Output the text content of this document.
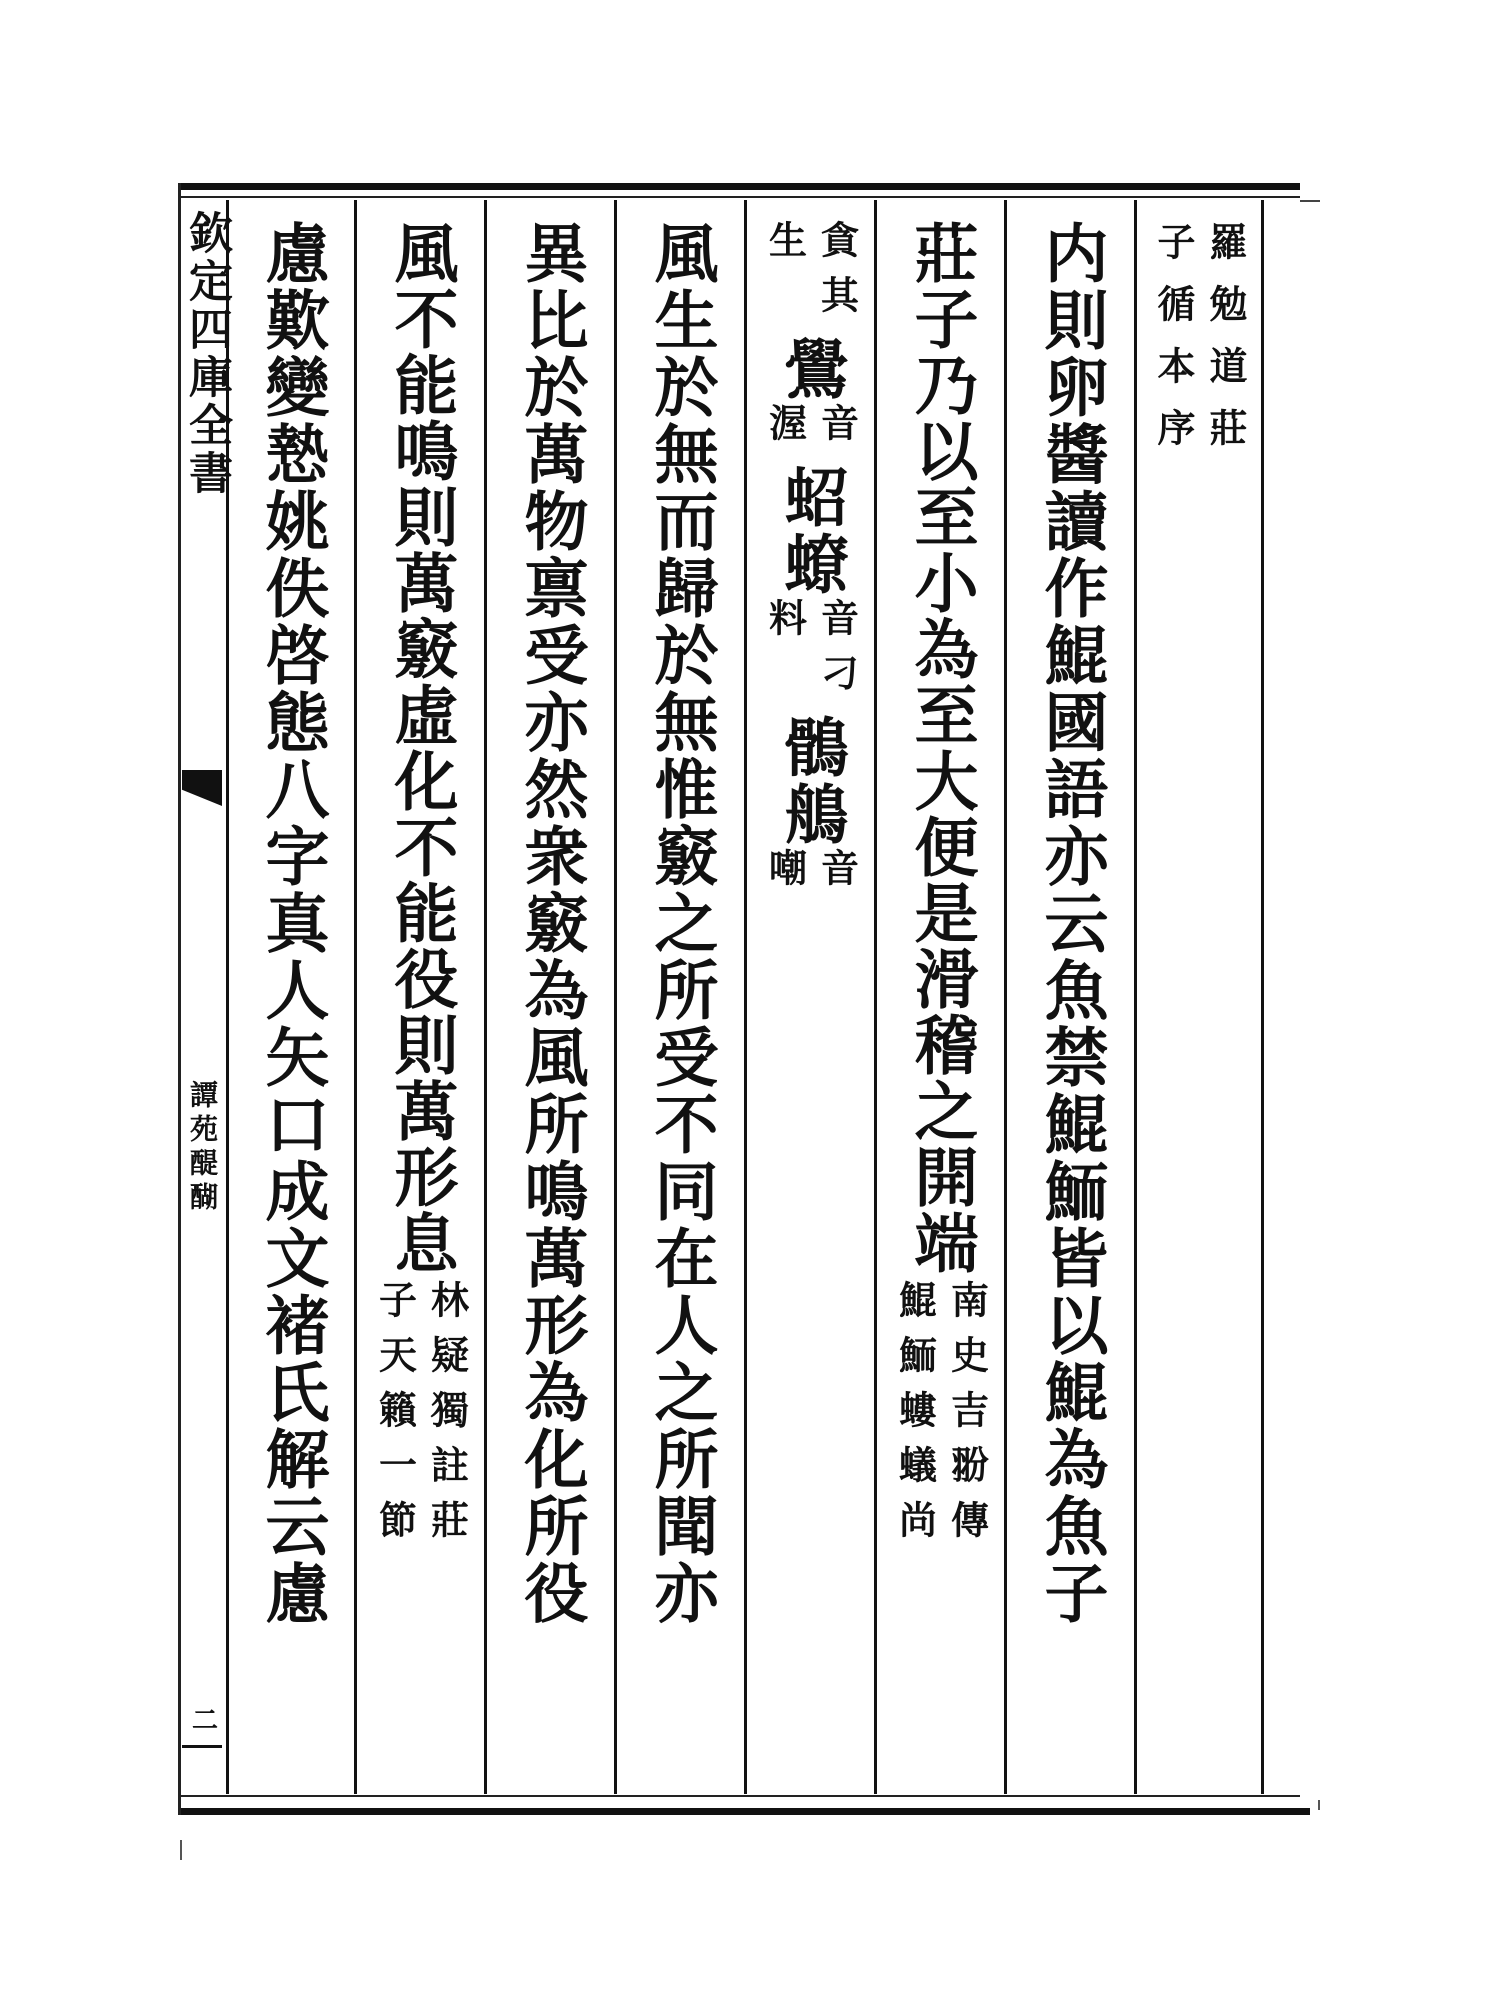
欽定四庫全書
譚苑醍醐
二
慮歎變慹姚佚啓態八字真人矢口成文褚氏解云慮 風不能鳴則萬竅虛化不能役則萬形息
林疑獨註莊
子天籟一節 異比於萬物禀受亦然衆竅為風所鳴萬形為化所役 風生於無而歸於無惟竅之所受不同在人之所聞亦	貪其
生
鷽
音
渥
蛁蟟
音刁
料
鶻鵃
音
嘲 莊子乃以至小為至大便是滑稽之開端
南史吉翂傳
鯤鮞螻蟻尚 内則卵醬讀作鯤國語亦云魚禁鯤鮞皆以鯤為魚子 羅勉道莊
子循本序
